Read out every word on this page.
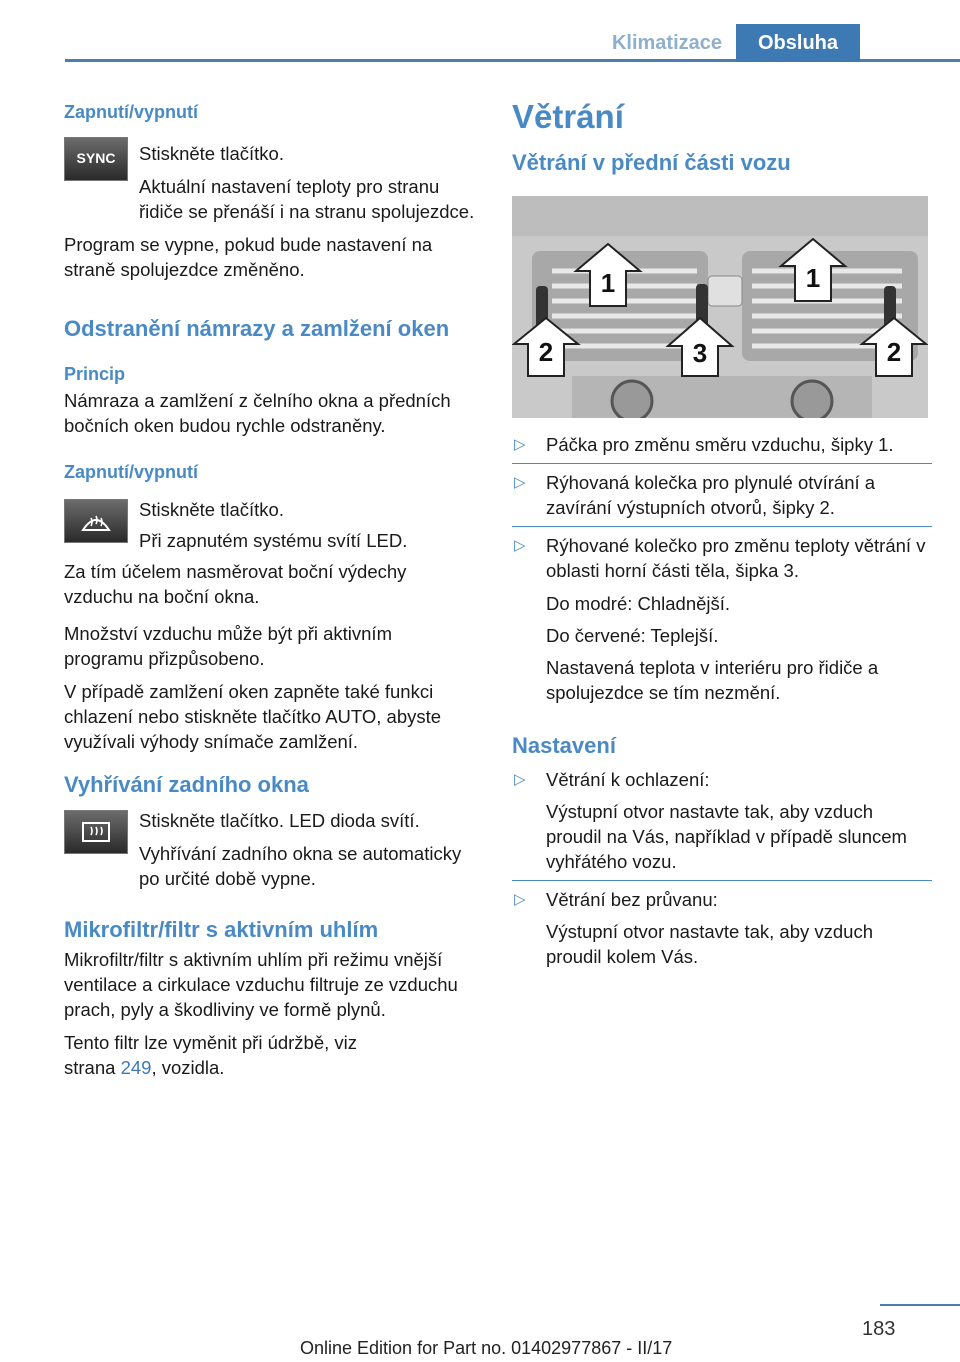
Klimatizace	Obsluha

Zapnutí/vypnutí

SYNC	Stiskněte tlačítko.

Aktuální nastavení teploty pro stranu řidiče se přenáší i na stranu spolujezdce.

Program se vypne, pokud bude nastavení na straně spolujezdce změněno.

Odstranění námrazy a zamlžení oken

Princip

Námraza a zamlžení z čelního okna a předních bočních oken budou rychle odstraněny.

Zapnutí/vypnutí

Stiskněte tlačítko.

Při zapnutém systému svítí LED.

Za tím účelem nasměrovat boční výdechy vzduchu na boční okna.

Množství vzduchu může být při aktivním programu přizpůsobeno.

V případě zamlžení oken zapněte také funkci chlazení nebo stiskněte tlačítko AUTO, abyste využívali výhody snímače zamlžení.

Vyhřívání zadního okna

Stiskněte tlačítko. LED dioda svítí.

Vyhřívání zadního okna se automaticky po určité době vypne.

Mikrofiltr/filtr s aktivním uhlím

Mikrofiltr/filtr s aktivním uhlím při režimu vnější ventilace a cirkulace vzduchu filtruje ze vzduchu prach, pyly a škodliviny ve formě plynů.

Tento filtr lze vyměnit při údržbě, viz
strana 249, vozidla.

Větrání

Větrání v přední části vozu

1	1
2	2
3
▷ Páčka pro změnu směru vzduchu, šipky 1.
▷ Rýhovaná kolečka pro plynulé otvírání a zavírání výstupních otvorů, šipky 2.
▷ Rýhované kolečko pro změnu teploty větrání v oblasti horní části těla, šipka 3.

Do modré: Chladnější.

Do červené: Teplejší.

Nastavená teplota v interiéru pro řidiče a spolujezdce se tím nezmění.

Nastavení

▷ Větrání k ochlazení:

Výstupní otvor nastavte tak, aby vzduch proudil na Vás, například v případě sluncem vyhřátého vozu.

▷ Větrání bez průvanu:

Výstupní otvor nastavte tak, aby vzduch proudil kolem Vás.

183
Online Edition for Part no. 01402977867 - II/17
